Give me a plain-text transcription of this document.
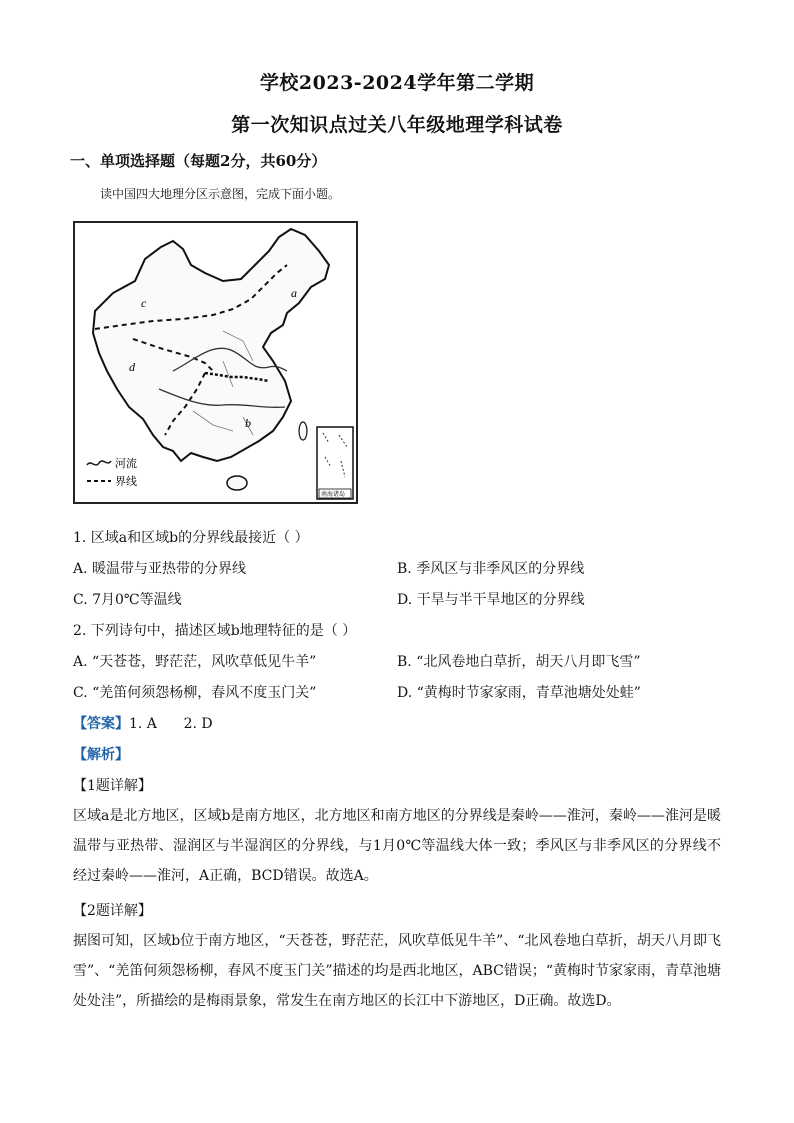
学校2023-2024学年第二学期
第一次知识点过关八年级地理学科试卷
一、单项选择题（每题2分，共60分）
读中国四大地理分区示意图，完成下面小题。
a
b
c
d
河流
界线
南海诸岛
1. 区域a和区域b的分界线最接近（ ）
A. 暖温带与亚热带的分界线	B. 季风区与非季风区的分界线
C. 7月0℃等温线	D. 干旱与半干旱地区的分界线
2. 下列诗句中，描述区域b地理特征的是（ ）
A. “天苍苍，野茫茫，风吹草低见牛羊”	B. “北风卷地白草折，胡天八月即飞雪”
C. “羌笛何须怨杨柳，春风不度玉门关”	D. “黄梅时节家家雨，青草池塘处处蛙”
【答案】1. A      2. D
【解析】
【1题详解】
区域a是北方地区，区域b是南方地区，北方地区和南方地区的分界线是秦岭——淮河，秦岭——淮河是暖温带与亚热带、湿润区与半湿润区的分界线，与1月0℃等温线大体一致；季风区与非季风区的分界线不经过秦岭——淮河，A正确，BCD错误。故选A。
【2题详解】
据图可知，区域b位于南方地区，“天苍苍，野茫茫，风吹草低见牛羊”、“北风卷地白草折，胡天八月即飞雪”、“羌笛何须怨杨柳，春风不度玉门关”描述的均是西北地区，ABC错误；“黄梅时节家家雨，青草池塘处处洼”，所描绘的是梅雨景象，常发生在南方地区的长江中下游地区，D正确。故选D。
